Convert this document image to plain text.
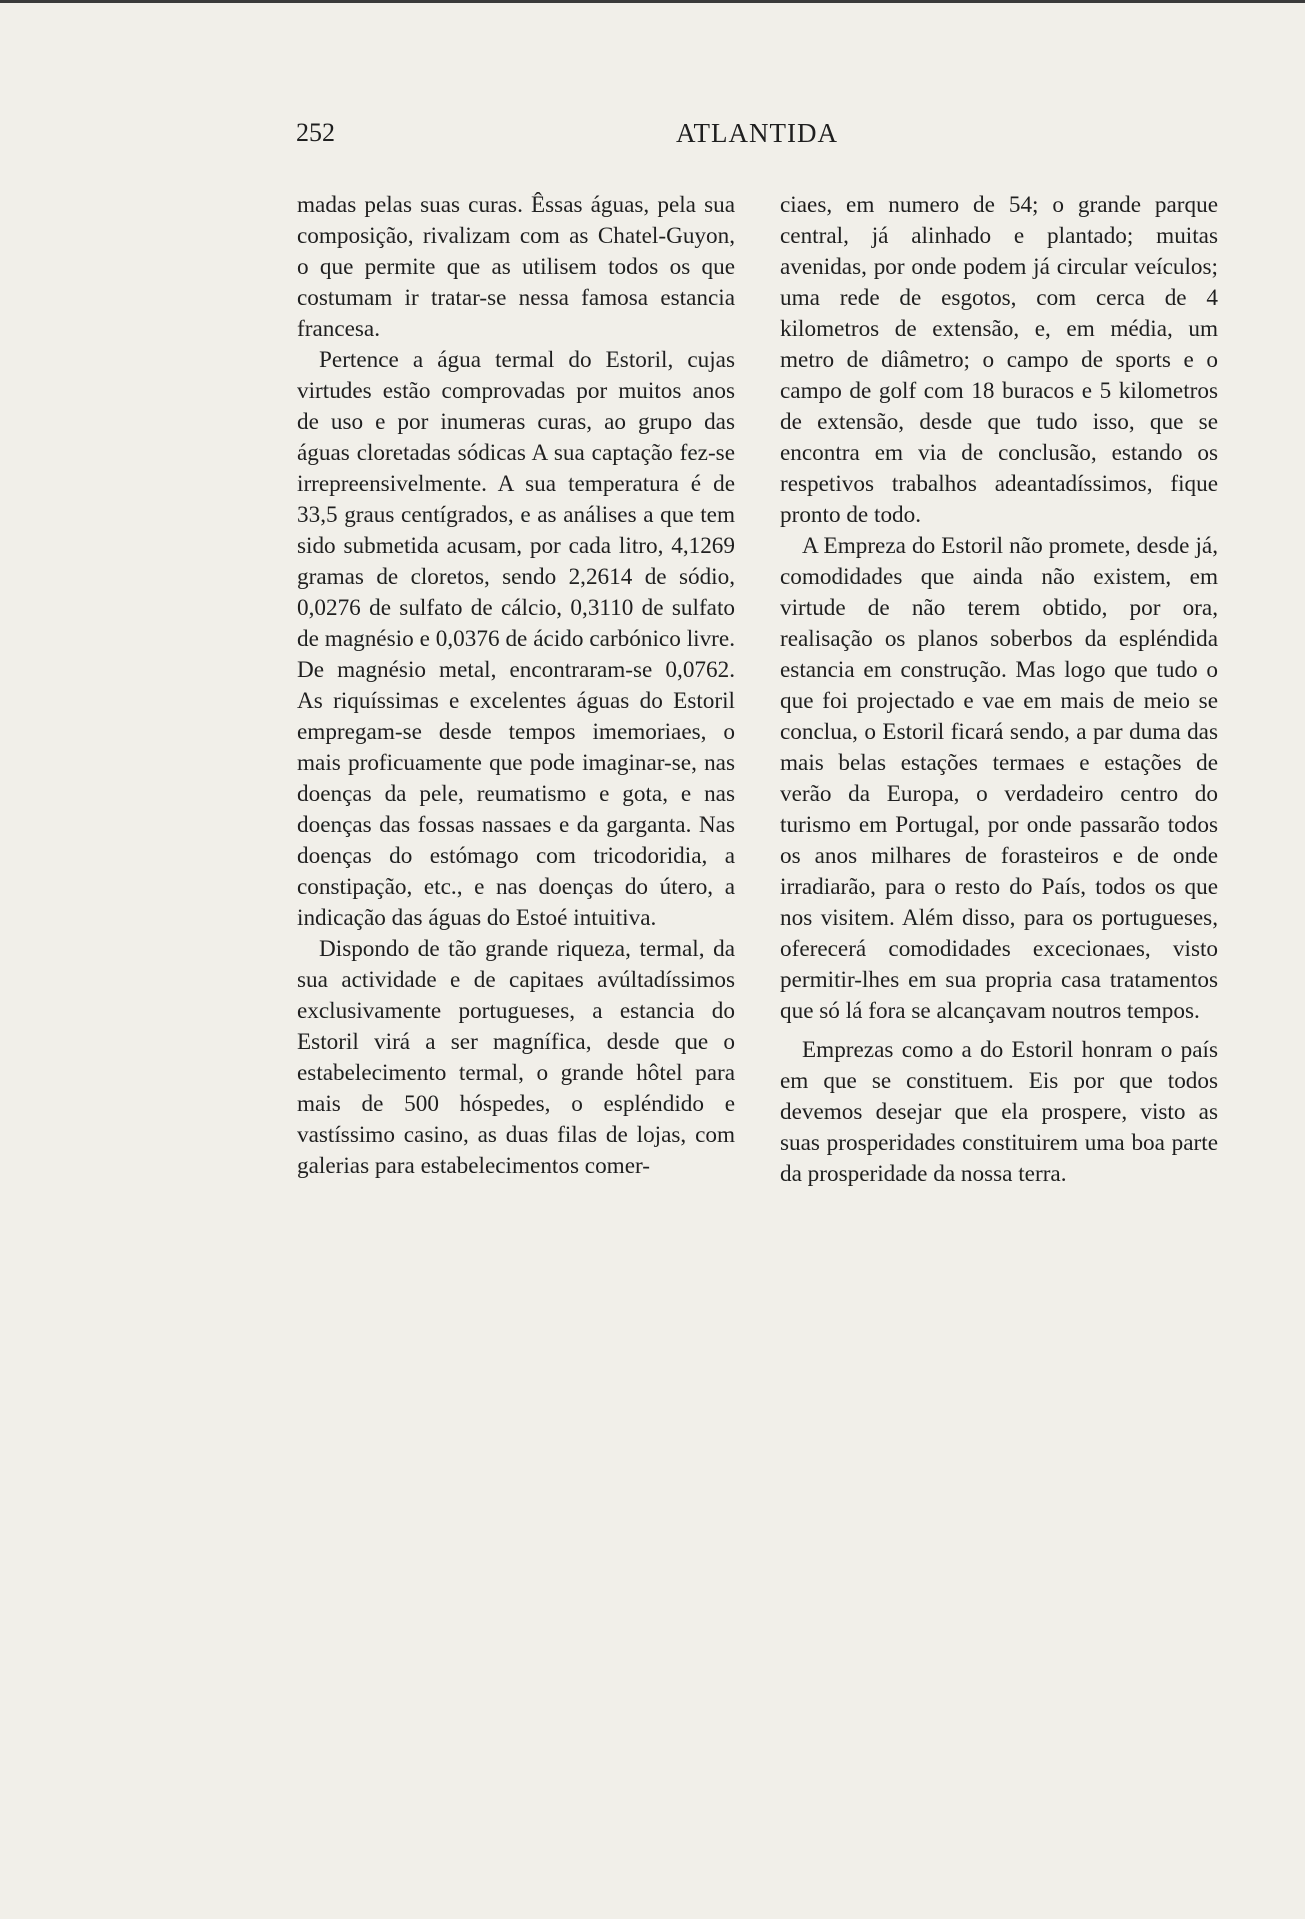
252	ATLANTIDA

madas pelas suas curas. Êssas águas, pela sua composição, rivalizam com as Chatel-Guyon, o que permite que as utilisem todos os que costumam ir tratar-se nessa famosa estancia francesa.

Pertence a água termal do Estoril, cujas virtudes estão comprovadas por muitos anos de uso e por inumeras curas, ao grupo das águas cloretadas sódicas A sua captação fez-se irrepreensivelmente. A sua temperatura é de 33,5 graus centígrados, e as análises a que tem sido submetida acusam, por cada litro, 4,1269 gramas de cloretos, sendo 2,2614 de sódio, 0,0276 de sulfato de cálcio, 0,3110 de sulfato de magnésio e 0,0376 de ácido carbónico livre. De magnésio metal, encontraram-se 0,0762. As riquíssimas e excelentes águas do Estoril empregam-se desde tempos imemoriaes, o mais proficuamente que pode imaginar-se, nas doenças da pele, reumatismo e gota, e nas doenças das fossas nassaes e da garganta. Nas doenças do estómago com tricodoridia, a constipação, etc., e nas doenças do útero, a indicação das águas do Estoé intuitiva.

Dispondo de tão grande riqueza, termal, da sua actividade e de capitaes avúltadíssimos exclusivamente portugueses, a estancia do Estoril virá a ser magnífica, desde que o estabelecimento termal, o grande hôtel para mais de 500 hóspedes, o espléndido e vastíssimo casino, as duas filas de lojas, com galerias para estabelecimentos comer-

ciaes, em numero de 54; o grande parque central, já alinhado e plantado; muitas avenidas, por onde podem já circular veículos; uma rede de esgotos, com cerca de 4 kilometros de extensão, e, em média, um metro de diâmetro; o campo de sports e o campo de golf com 18 buracos e 5 kilometros de extensão, desde que tudo isso, que se encontra em via de conclusão, estando os respetivos trabalhos adeantadíssimos, fique pronto de todo.

A Empreza do Estoril não promete, desde já, comodidades que ainda não existem, em virtude de não terem obtido, por ora, realisação os planos soberbos da espléndida estancia em construção. Mas logo que tudo o que foi projectado e vae em mais de meio se conclua, o Estoril ficará sendo, a par duma das mais belas estações termaes e estações de verão da Europa, o verdadeiro centro do turismo em Portugal, por onde passarão todos os anos milhares de forasteiros e de onde irradiarão, para o resto do País, todos os que nos visitem. Além disso, para os portugueses, oferecerá comodidades excecionaes, visto permitir-lhes em sua propria casa tratamentos que só lá fora se alcançavam noutros tempos.

Emprezas como a do Estoril honram o país em que se constituem. Eis por que todos devemos desejar que ela prospere, visto as suas prosperidades constituirem uma boa parte da prosperidade da nossa terra.
